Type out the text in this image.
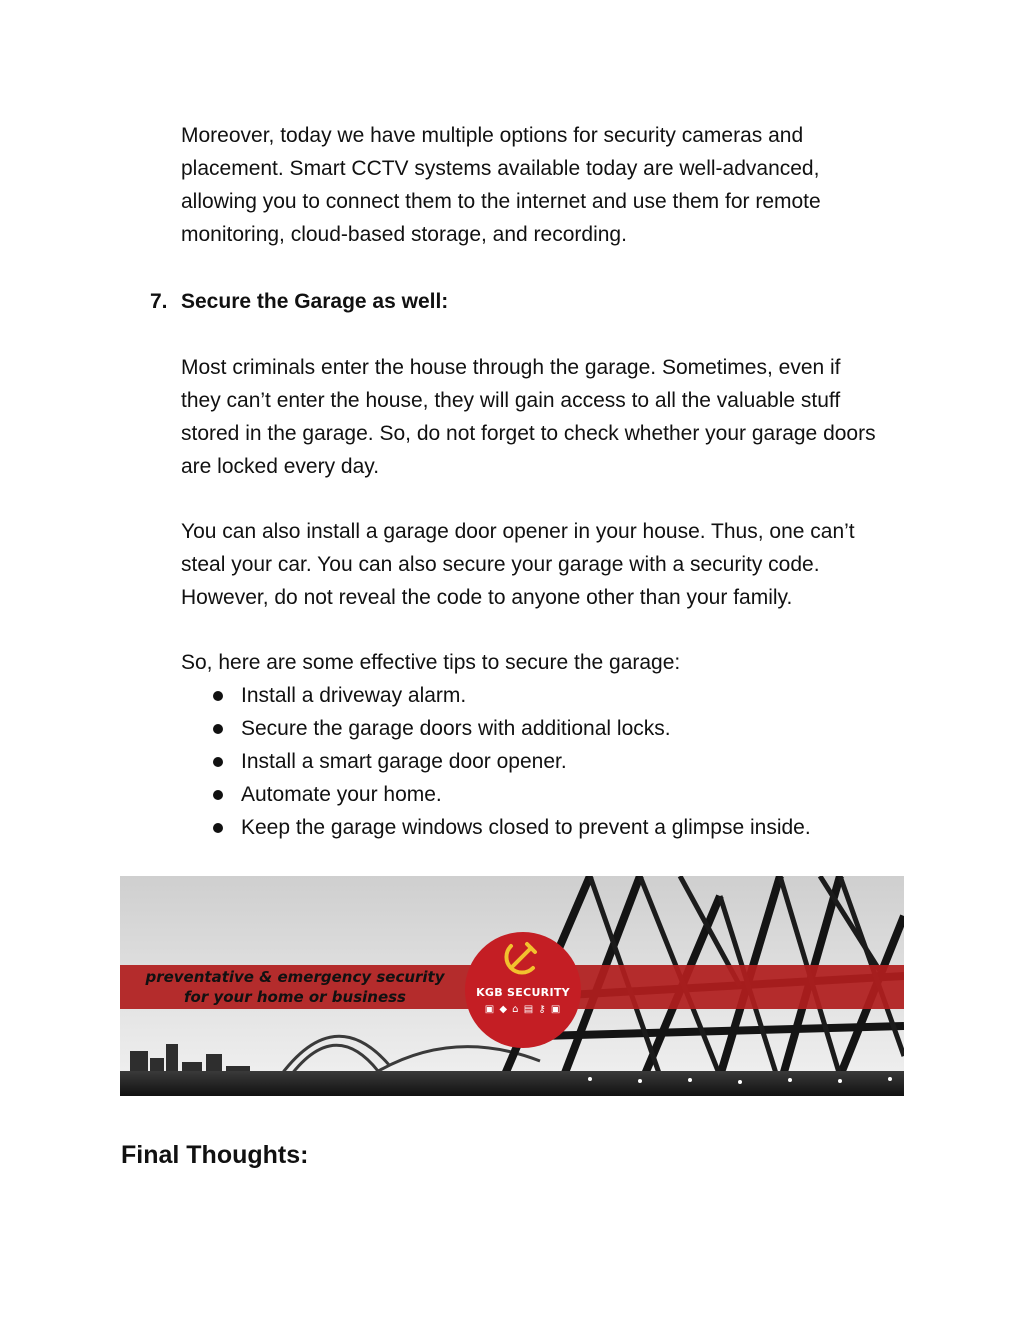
Moreover, today we have multiple options for security cameras and

placement. Smart CCTV systems available today are well-advanced,

allowing you to connect them to the internet and use them for remote

monitoring, cloud-based storage, and recording.

7. Secure the Garage as well:

Most criminals enter the house through the garage. Sometimes, even if

they can’t enter the house, they will gain access to all the valuable stuff

stored in the garage. So, do not forget to check whether your garage doors

are locked every day.

You can also install a garage door opener in your house. Thus, one can’t

steal your car. You can also secure your garage with a security code.

However, do not reveal the code to anyone other than your family.

So, here are some effective tips to secure the garage:

Install a driveway alarm.
Secure the garage doors with additional locks.
Install a smart garage door opener.
Automate your home.
Keep the garage windows closed to prevent a glimpse inside.
preventative & emergency security
for your home or business	KGB SECURITY
▣ ◆ ⌂ ▤ ⚷ ▣
Final Thoughts:
